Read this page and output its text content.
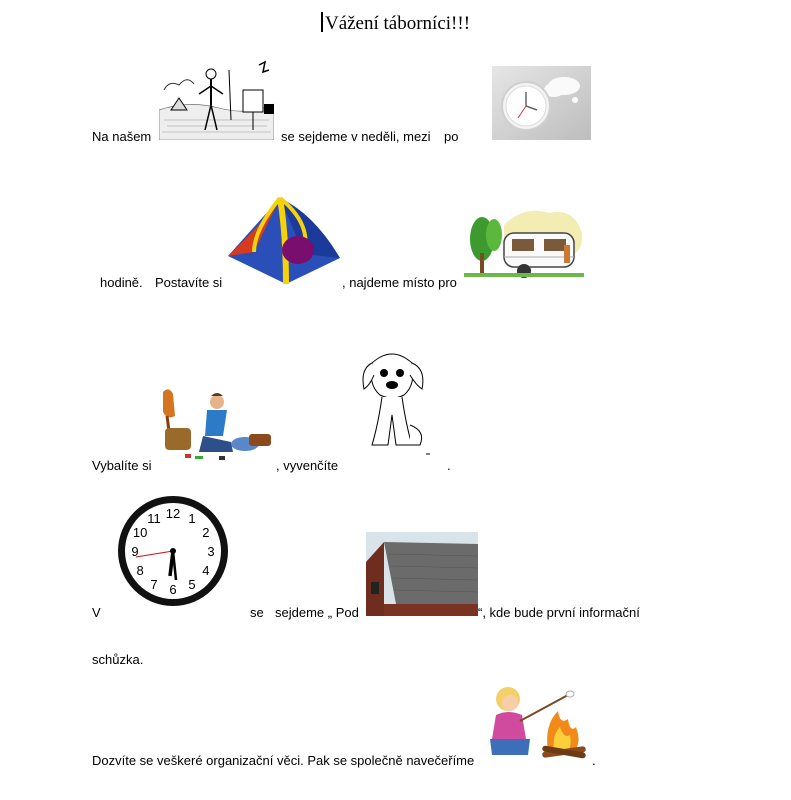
Vážení táborníci!!!
Na našem	se sejdeme v neděli, mezi po
hodině. Postavíte si	, najdeme místo pro
Vybalíte si	, vyvenčíte	.
V
12 1
2
3
4
5
6
7
8
9
10
11
se sejdeme „ Pod	“, kde bude první informační
schůzka.
Dozvíte se veškeré organizační věci. Pak se společně navečeříme	.
